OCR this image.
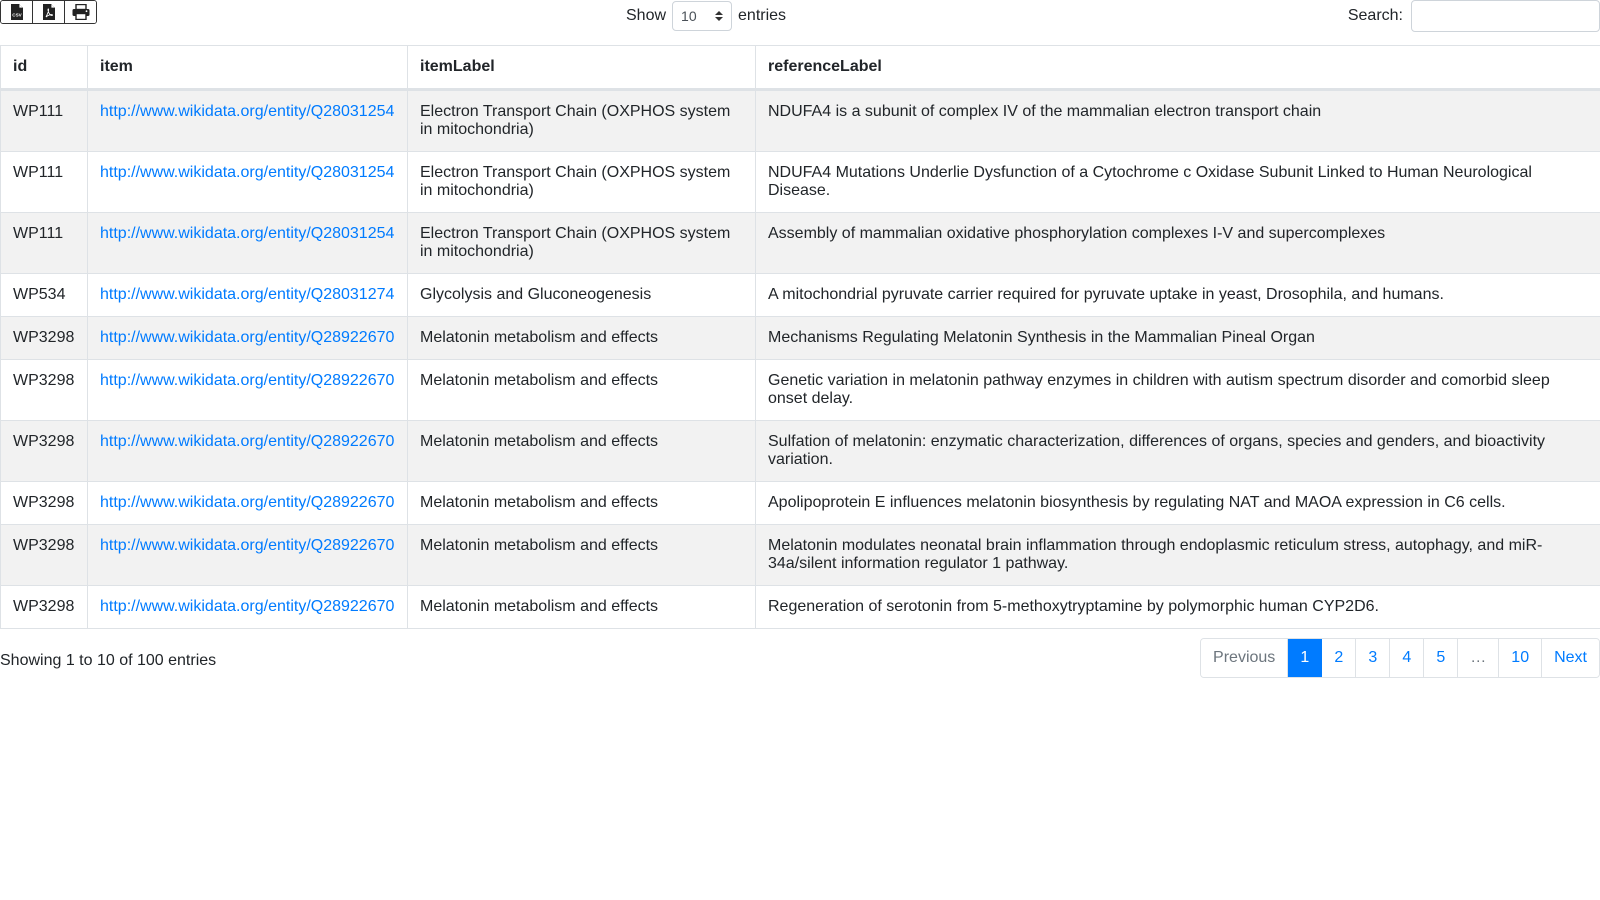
CSV	Show 10	entries	Search:
id	item	itemLabel	referenceLabel
WP111	http://www.wikidata.org/entity/Q28031254	Electron Transport Chain (OXPHOS system in mitochondria)	NDUFA4 is a subunit of complex IV of the mammalian electron transport chain
WP111	http://www.wikidata.org/entity/Q28031254	Electron Transport Chain (OXPHOS system in mitochondria)	NDUFA4 Mutations Underlie Dysfunction of a Cytochrome c Oxidase Subunit Linked to Human Neurological Disease.
WP111	http://www.wikidata.org/entity/Q28031254	Electron Transport Chain (OXPHOS system in mitochondria)	Assembly of mammalian oxidative phosphorylation complexes I-V and supercomplexes
WP534	http://www.wikidata.org/entity/Q28031274	Glycolysis and Gluconeogenesis	A mitochondrial pyruvate carrier required for pyruvate uptake in yeast, Drosophila, and humans.
WP3298	http://www.wikidata.org/entity/Q28922670	Melatonin metabolism and effects	Mechanisms Regulating Melatonin Synthesis in the Mammalian Pineal Organ
WP3298	http://www.wikidata.org/entity/Q28922670	Melatonin metabolism and effects	Genetic variation in melatonin pathway enzymes in children with autism spectrum disorder and comorbid sleep onset delay.
WP3298	http://www.wikidata.org/entity/Q28922670	Melatonin metabolism and effects	Sulfation of melatonin: enzymatic characterization, differences of organs, species and genders, and bioactivity variation.
WP3298	http://www.wikidata.org/entity/Q28922670	Melatonin metabolism and effects	Apolipoprotein E influences melatonin biosynthesis by regulating NAT and MAOA expression in C6 cells.
WP3298	http://www.wikidata.org/entity/Q28922670	Melatonin metabolism and effects	Melatonin modulates neonatal brain inflammation through endoplasmic reticulum stress, autophagy, and miR-34a/silent information regulator 1 pathway.
WP3298	http://www.wikidata.org/entity/Q28922670	Melatonin metabolism and effects	Regeneration of serotonin from 5-methoxytryptamine by polymorphic human CYP2D6.
Showing 1 to 10 of 100 entries	Previous	1	2	3	4	5	…	10	Next
